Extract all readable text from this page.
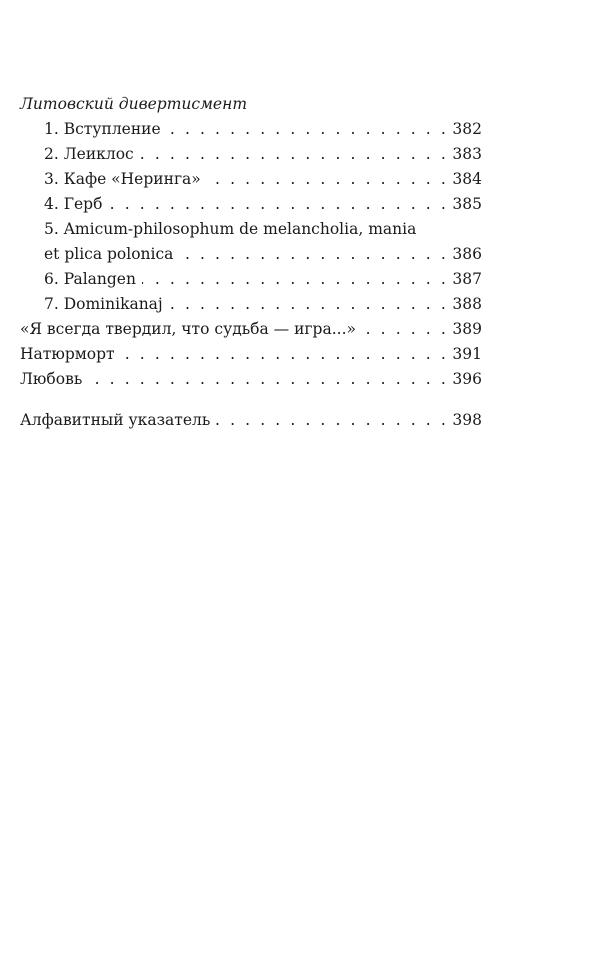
Литовский дивертисмент
1. Вступление . . .	382
2. Леиклос . . .	383
3. Кафе «Неринга» . . .	384
4. Герб . . .	385
5. Amicum-philosophum de melancholia, mania
et plica polonica . . .	386
6. Palangen . . .	387
7. Dominikanaj . . .	388
«Я всегда твердил, что судьба — игра...» . . .	389
Натюрморт . . .	391
Любовь . . .	396
Алфавитный указатель . . .	398
